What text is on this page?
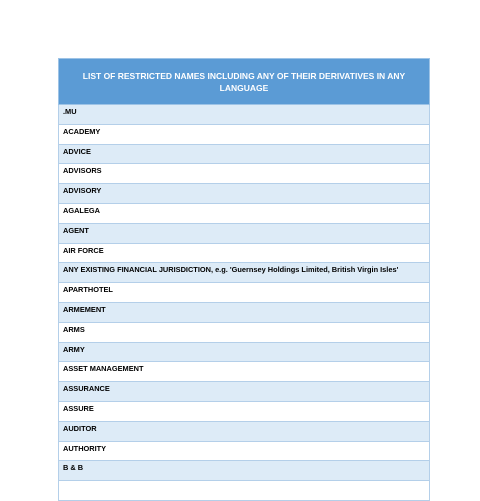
LIST OF RESTRICTED NAMES INCLUDING ANY OF THEIR DERIVATIVES IN ANY LANGUAGE
.MU
ACADEMY
ADVICE
ADVISORS
ADVISORY
AGALEGA
AGENT
AIR FORCE
ANY EXISTING FINANCIAL JURISDICTION, e.g. 'Guernsey Holdings Limited, British Virgin Isles'
APARTHOTEL
ARMEMENT
ARMS
ARMY
ASSET MANAGEMENT
ASSURANCE
ASSURE
AUDITOR
AUTHORITY
B & B
